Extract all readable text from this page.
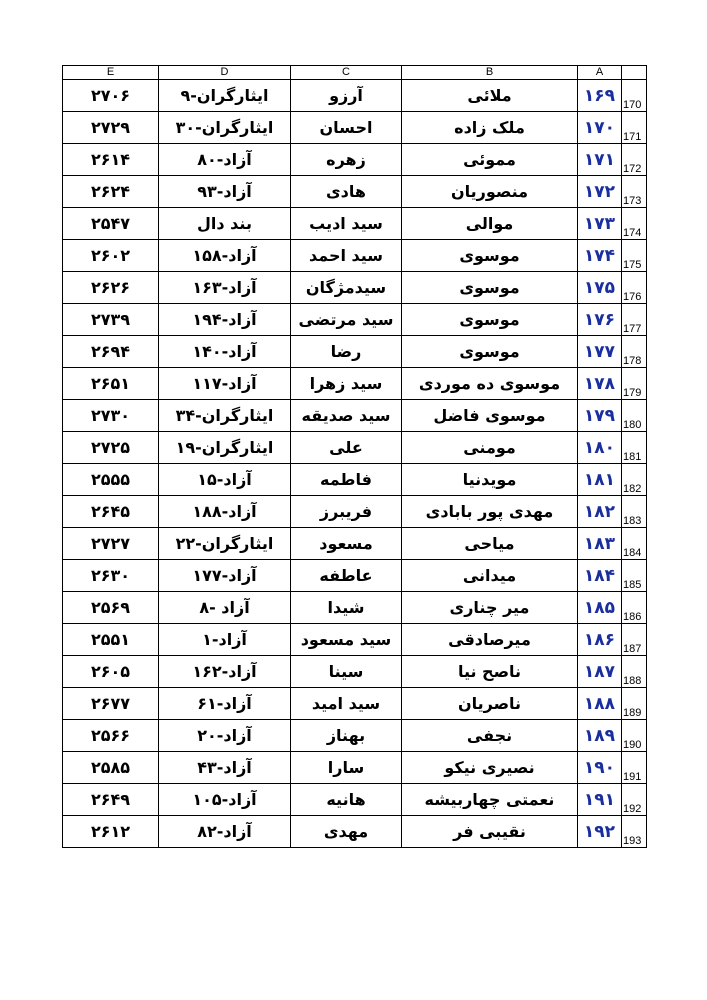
E	D	C	B	A	
۲۷۰۶	ایثارگران-۹	آرزو	ملائی	۱۶۹	170
۲۷۲۹	ایثارگران-۳۰	احسان	ملک زاده	۱۷۰	171
۲۶۱۴	آزاد-۸۰	زهره	مموئی	۱۷۱	172
۲۶۲۴	آزاد-۹۳	هادی	منصوریان	۱۷۲	173
۲۵۴۷	بند دال	سید ادیب	موالی	۱۷۳	174
۲۶۰۲	آزاد-۱۵۸	سید احمد	موسوی	۱۷۴	175
۲۶۲۶	آزاد-۱۶۳	سیدمژگان	موسوی	۱۷۵	176
۲۷۳۹	آزاد-۱۹۴	سید مرتضی	موسوی	۱۷۶	177
۲۶۹۴	آزاد-۱۴۰	رضا	موسوی	۱۷۷	178
۲۶۵۱	آزاد-۱۱۷	سید زهرا	موسوی ده موردی	۱۷۸	179
۲۷۳۰	ایثارگران-۳۴	سید صدیقه	موسوی فاضل	۱۷۹	180
۲۷۲۵	ایثارگران-۱۹	علی	مومنی	۱۸۰	181
۲۵۵۵	آزاد-۱۵	فاطمه	مویدنیا	۱۸۱	182
۲۶۴۵	آزاد-۱۸۸	فریبرز	مهدی پور بابادی	۱۸۲	183
۲۷۲۷	ایثارگران-۲۲	مسعود	میاحی	۱۸۳	184
۲۶۳۰	آزاد-۱۷۷	عاطفه	میدانی	۱۸۴	185
۲۵۶۹	آزاد -۸	شیدا	میر چناری	۱۸۵	186
۲۵۵۱	آزاد-۱	سید مسعود	میرصادقی	۱۸۶	187
۲۶۰۵	آزاد-۱۶۲	سینا	ناصح نیا	۱۸۷	188
۲۶۷۷	آزاد-۶۱	سید امید	ناصریان	۱۸۸	189
۲۵۶۶	آزاد-۲۰	بهناز	نجفی	۱۸۹	190
۲۵۸۵	آزاد-۴۳	سارا	نصیری نیکو	۱۹۰	191
۲۶۴۹	آزاد-۱۰۵	هانیه	نعمتی چهاربیشه	۱۹۱	192
۲۶۱۲	آزاد-۸۲	مهدی	نقیبی فر	۱۹۲	193
